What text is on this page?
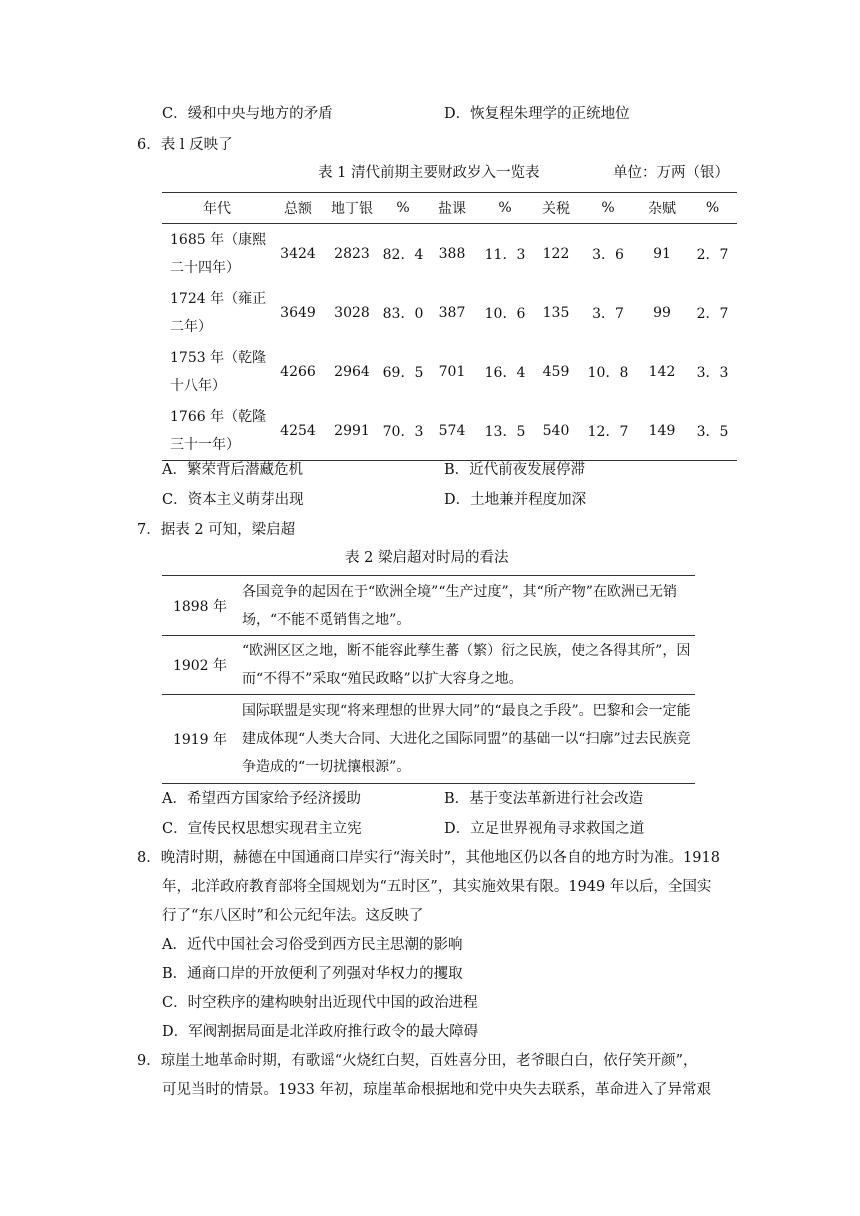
C．缓和中央与地方的矛盾	D．恢复程朱理学的正统地位
6．表 l 反映了
表 1 清代前期主要财政岁入一览表	单位：万两（银）
年代	总额	地丁银	%	盐课	%	关税	%	杂赋	%
1685 年（康熙
二十四年）	3424	2823	82．4	388	11．3	122	3．6	91	2．7
1724 年（雍正
二年）	3649	3028	83．0	387	10．6	135	3．7	99	2．7
1753 年（乾隆
十八年）	4266	2964	69．5	701	16．4	459	10．8	142	3．3
1766 年（乾隆
三十一年）	4254	2991	70．3	574	13．5	540	12．7	149	3．5
A．繁荣背后潜藏危机	B．近代前夜发展停滞
C．资本主义萌芽出现	D．土地兼并程度加深
7．据表 2 可知，梁启超
表 2 梁启超对时局的看法
1898 年	各国竞争的起因在于“欧洲全境”“生产过度”，其“所产物”在欧洲已无销场，“不能不觅销售之地”。
1902 年	“欧洲区区之地，断不能容此孳生蕃（繁）衍之民族，使之各得其所”，因而“不得不”采取“殖民政略”以扩大容身之地。
1919 年	国际联盟是实现“将来理想的世界大同”的“最良之手段”。巴黎和会一定能建成体现“人类大合同、大进化之国际同盟”的基础一以“扫廓”过去民族竞争造成的“一切扰攘根源”。
A．希望西方国家给予经济援助	B．基于变法革新进行社会改造
C．宣传民权思想实现君主立宪	D．立足世界视角寻求救国之道
8．晚清时期，赫德在中国通商口岸实行“海关时”，其他地区仍以各自的地方时为准。1918
年，北洋政府教育部将全国规划为“五时区”，其实施效果有限。1949 年以后，全国实
行了“东八区时”和公元纪年法。这反映了
A．近代中国社会习俗受到西方民主思潮的影响
B．通商口岸的开放便利了列强对华权力的攫取
C．时空秩序的建构映射出近现代中国的政治进程
D．军阀割据局面是北洋政府推行政令的最大障碍
9．琼崖土地革命时期，有歌谣“火烧红白契，百姓喜分田，老爷眼白白，依仔笑开颜”，
可见当时的情景。1933 年初，琼崖革命根据地和党中央失去联系，革命进入了异常艰
